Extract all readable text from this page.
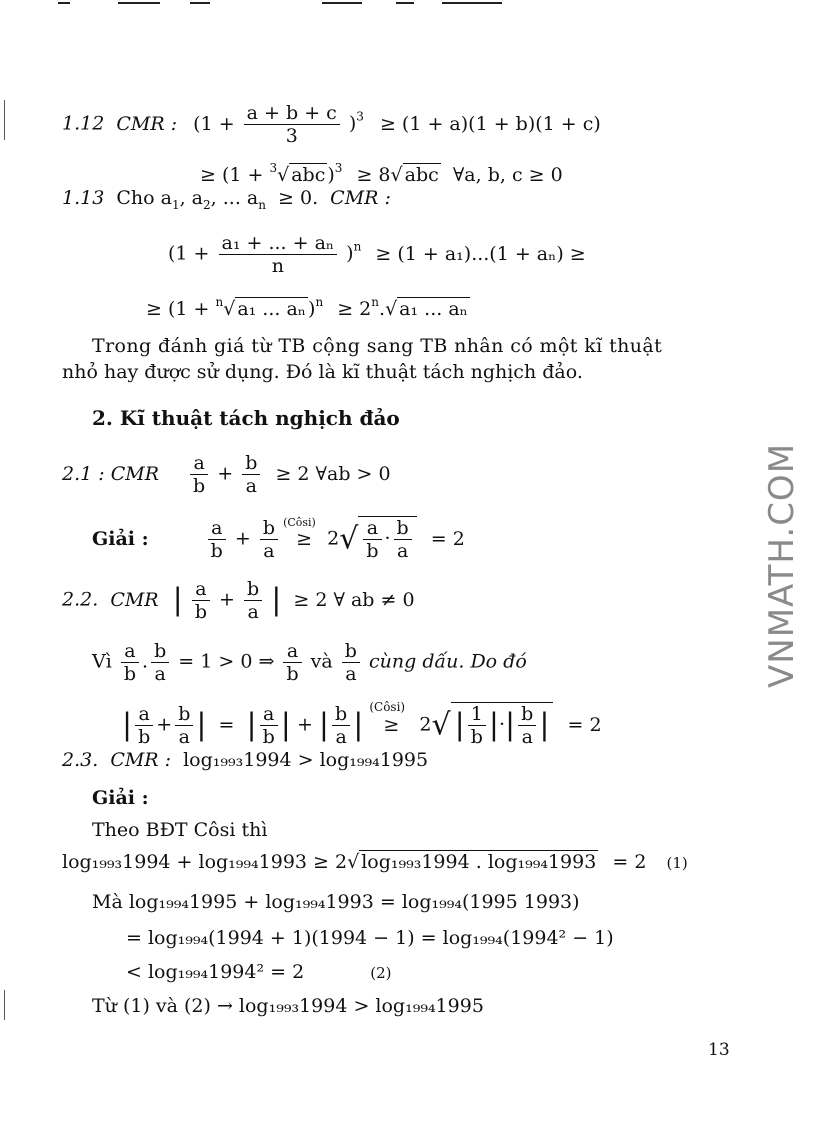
1.12 CMR : $(1 + \frac{a + b + c}{3} )^3 \ge (1 + a)(1 + b)(1 + c)$
≥ (1 + $^3$√ abc )$^3$ ≥ 8√ abc ∀a, b, c ≥ 0
1.13 Cho $a_1$, $a_2$, ... $a_n \ge 0$. CMR :
$(1 + \frac{\text{a₁ + ... + aₙ}}{n} )^n \ge (1 + a_1)...(1 + a_n)$ ≥
≥ (1 + $^n$√ a₁ ... aₙ )$^n \ge 2^n.√$ a₁ ... aₙ
Trong đánh giá từ TB cộng sang TB nhân có một kĩ thuật
nhỏ hay được sử dụng. Đó là kĩ thuật tách nghịch đảo.
2. Kĩ thuật tách nghịch đảo
2.1 : CMR $\frac{a}{b} + \frac{b}{a} \ge 2$ ∀ab > 0
Giải :	$\frac{a}{b} + \frac{b}{a}$
(Côsi)
≥ $2√ \frac{a}{b} \cdot \frac{b}{a} = 2$
2.2. CMR | $\frac{a}{b} + \frac{b}{a}$ | ≥ 2 ∀ ab ≠ 0
Vì $\frac{a}{b}$ . $\frac{b}{a} = 1 > 0$ ⇒ $\frac{a}{b}$ và $\frac{b}{a}$ cùng dấu. Do đó
| $\frac{a}{b} + \frac{b}{a}$ | = | $\frac{a}{b}$ | + | $\frac{b}{a}$ |
(Côsi)
≥ 2√ | $\frac{1}{b}$ |·| $\frac{b}{a}$ | = 2
2.3. CMR : log₁₉₉₃1994 > log₁₉₉₄1995
Giải :
Theo BĐT Côsi thì
log₁₉₉₃1994 + log₁₉₉₄1993 ≥ 2√ log₁₉₉₃1994 . log₁₉₉₄1993 = 2 (1)
Mà log₁₉₉₄1995 + log₁₉₉₄1993 = log₁₉₉₄(1995 1993)
= log₁₉₉₄(1994 + 1)(1994 − 1) = log₁₉₉₄(1994² − 1)
< log₁₉₉₄1994² = 2	(2)
Từ (1) và (2) → log₁₉₉₃1994 > log₁₉₉₄1995
VNMATH.COM
13
